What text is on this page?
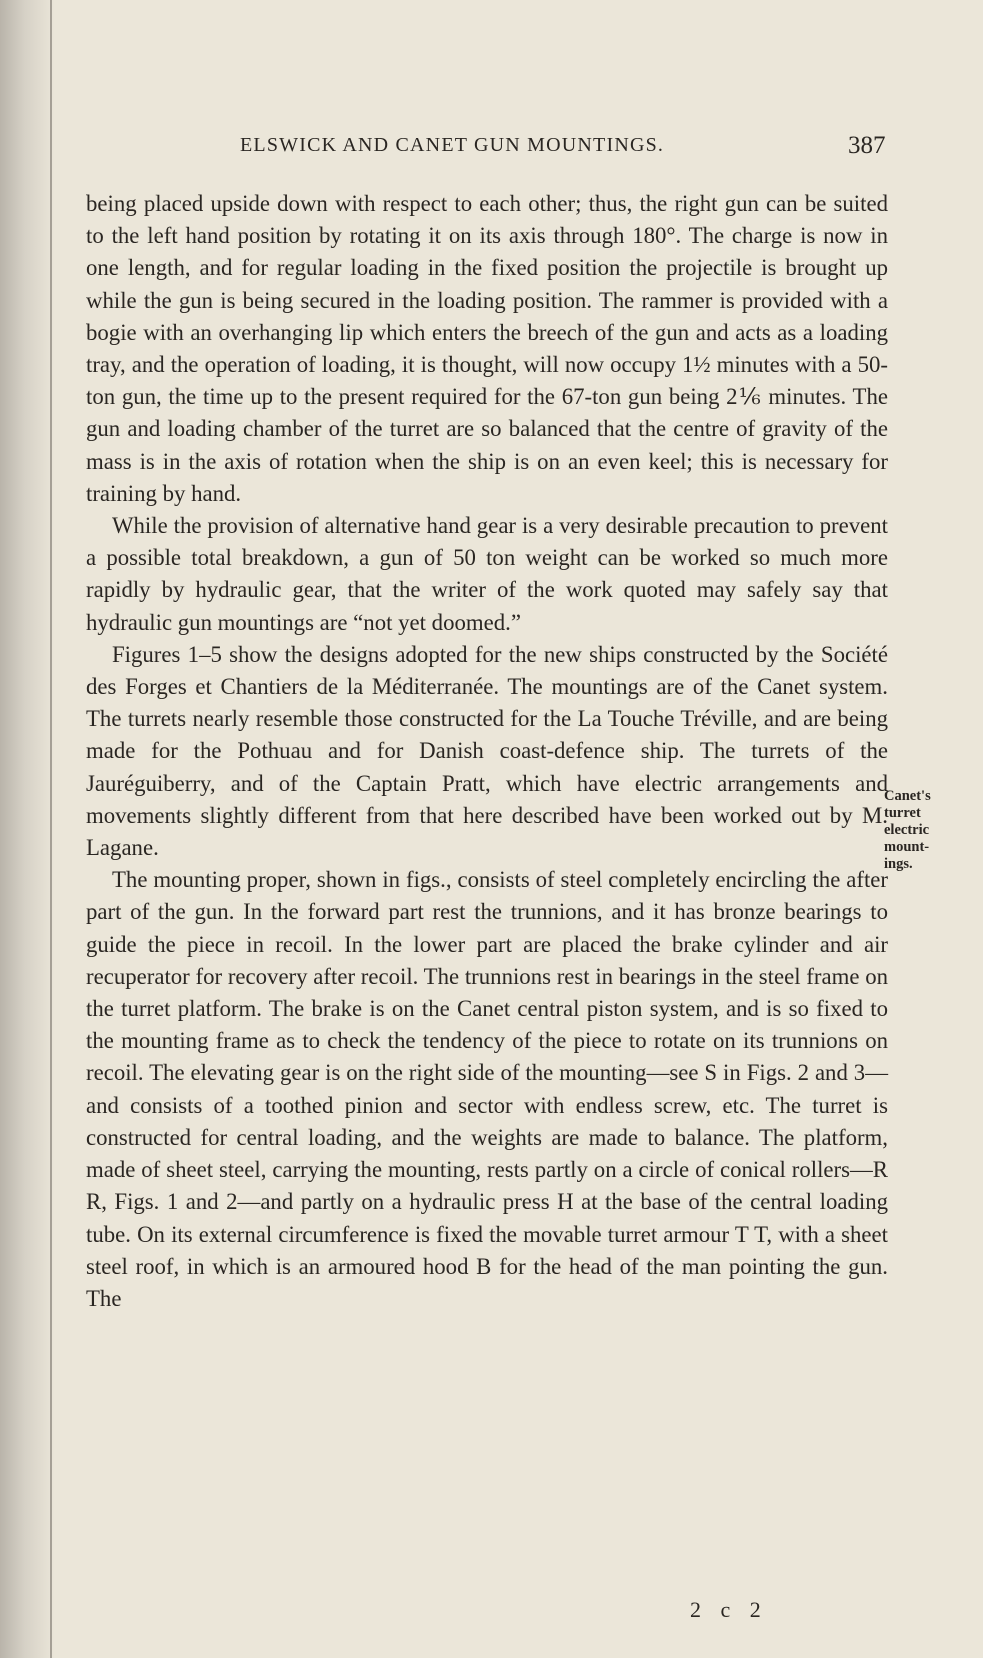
ELSWICK AND CANET GUN MOUNTINGS.	387

being placed upside down with respect to each other; thus, the right gun can be suited to the left hand position by rotating it on its axis through 180°. The charge is now in one length, and for regular loading in the fixed position the projectile is brought up while the gun is being secured in the loading position. The rammer is provided with a bogie with an overhanging lip which enters the breech of the gun and acts as a loading tray, and the operation of loading, it is thought, will now occupy 1½ minutes with a 50-ton gun, the time up to the present required for the 67-ton gun being 2⅙ minutes. The gun and loading chamber of the turret are so balanced that the centre of gravity of the mass is in the axis of rotation when the ship is on an even keel; this is necessary for training by hand.

While the provision of alternative hand gear is a very desirable precaution to prevent a possible total breakdown, a gun of 50 ton weight can be worked so much more rapidly by hydraulic gear, that the writer of the work quoted may safely say that hydraulic gun mountings are “not yet doomed.”

Figures 1–5 show the designs adopted for the new ships constructed by the Société des Forges et Chantiers de la Méditerranée. The mountings are of the Canet system. The turrets nearly resemble those constructed for the La Touche Tréville, and are being made for the Pothuau and for Danish coast-defence ship. The turrets of the Jauréguiberry, and of the Captain Pratt, which have electric arrangements and movements slightly different from that here described have been worked out by M. Lagane.

The mounting proper, shown in figs., consists of steel completely encircling the after part of the gun. In the forward part rest the trunnions, and it has bronze bearings to guide the piece in recoil. In the lower part are placed the brake cylinder and air recuperator for recovery after recoil. The trunnions rest in bearings in the steel frame on the turret platform. The brake is on the Canet central piston system, and is so fixed to the mounting frame as to check the tendency of the piece to rotate on its trunnions on recoil. The elevating gear is on the right side of the mounting—see S in Figs. 2 and 3—and consists of a toothed pinion and sector with endless screw, etc. The turret is constructed for central loading, and the weights are made to balance. The platform, made of sheet steel, carrying the mounting, rests partly on a circle of conical rollers—R R, Figs. 1 and 2—and partly on a hydraulic press H at the base of the central loading tube. On its external circumference is fixed the movable turret armour T T, with a sheet steel roof, in which is an armoured hood B for the head of the man pointing the gun. The

Canet's
turret
electric
mount-
ings.
2 c 2
